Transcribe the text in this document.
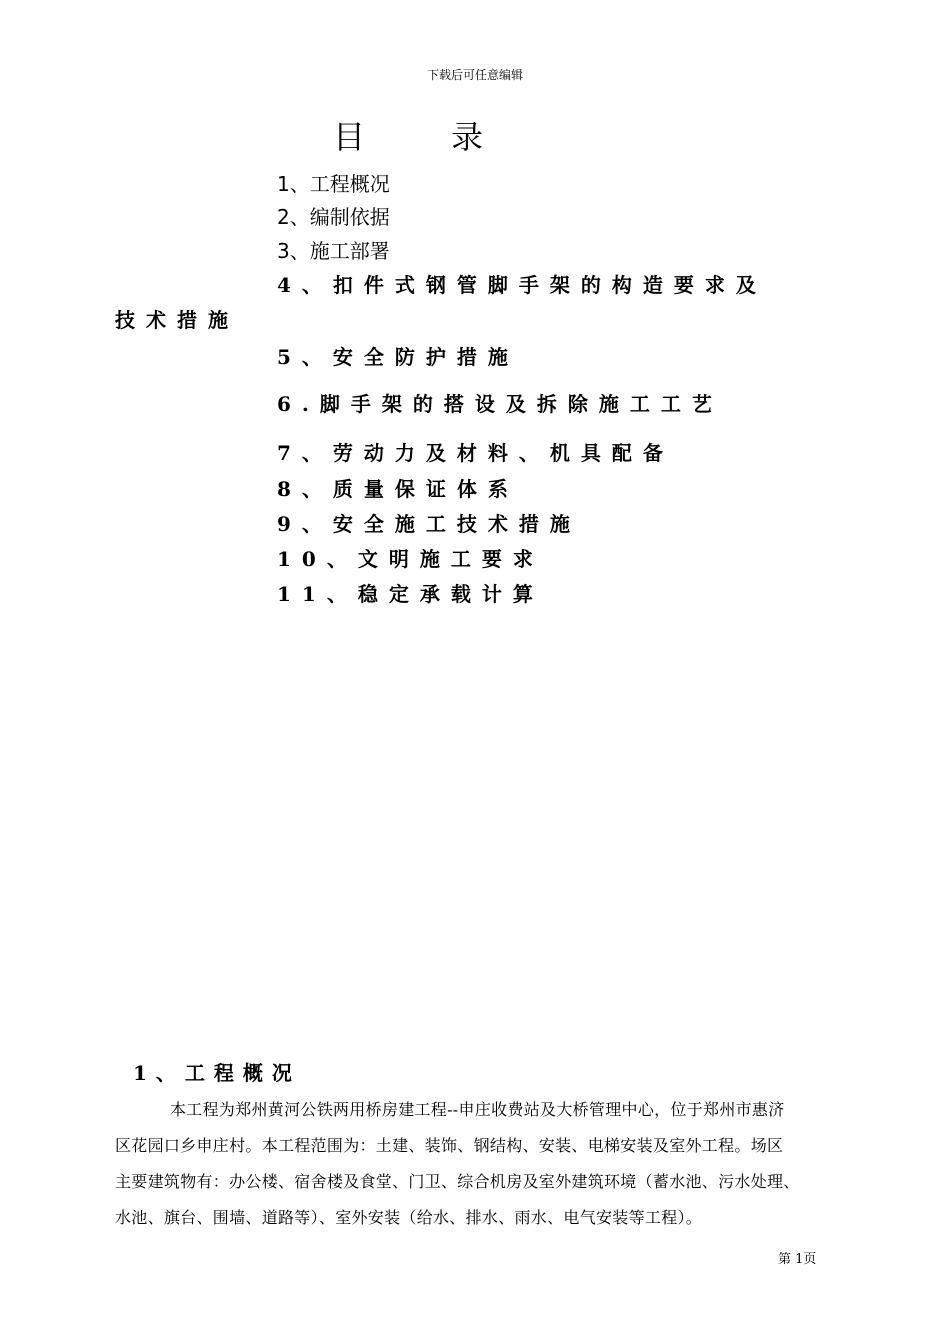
下载后可任意编辑
目录
1、工程概况
2、编制依据
3、施工部署
4、扣件式钢管脚手架的构造要求及
技术措施
5、安全防护措施
6.脚手架的搭设及拆除施工工艺
7、劳动力及材料、机具配备
8、质量保证体系
9、安全施工技术措施
10、文明施工要求
11、稳定承载计算
1、工程概况
本工程为郑州黄河公铁两用桥房建工程--申庄收费站及大桥管理中心，位于郑州市惠济
区花园口乡申庄村。本工程范围为：土建、装饰、钢结构、安装、电梯安装及室外工程。场区
主要建筑物有：办公楼、宿舍楼及食堂、门卫、综合机房及室外建筑环境（蓄水池、污水处理、
水池、旗台、围墙、道路等）、室外安装（给水、排水、雨水、电气安装等工程）。
第 1页
